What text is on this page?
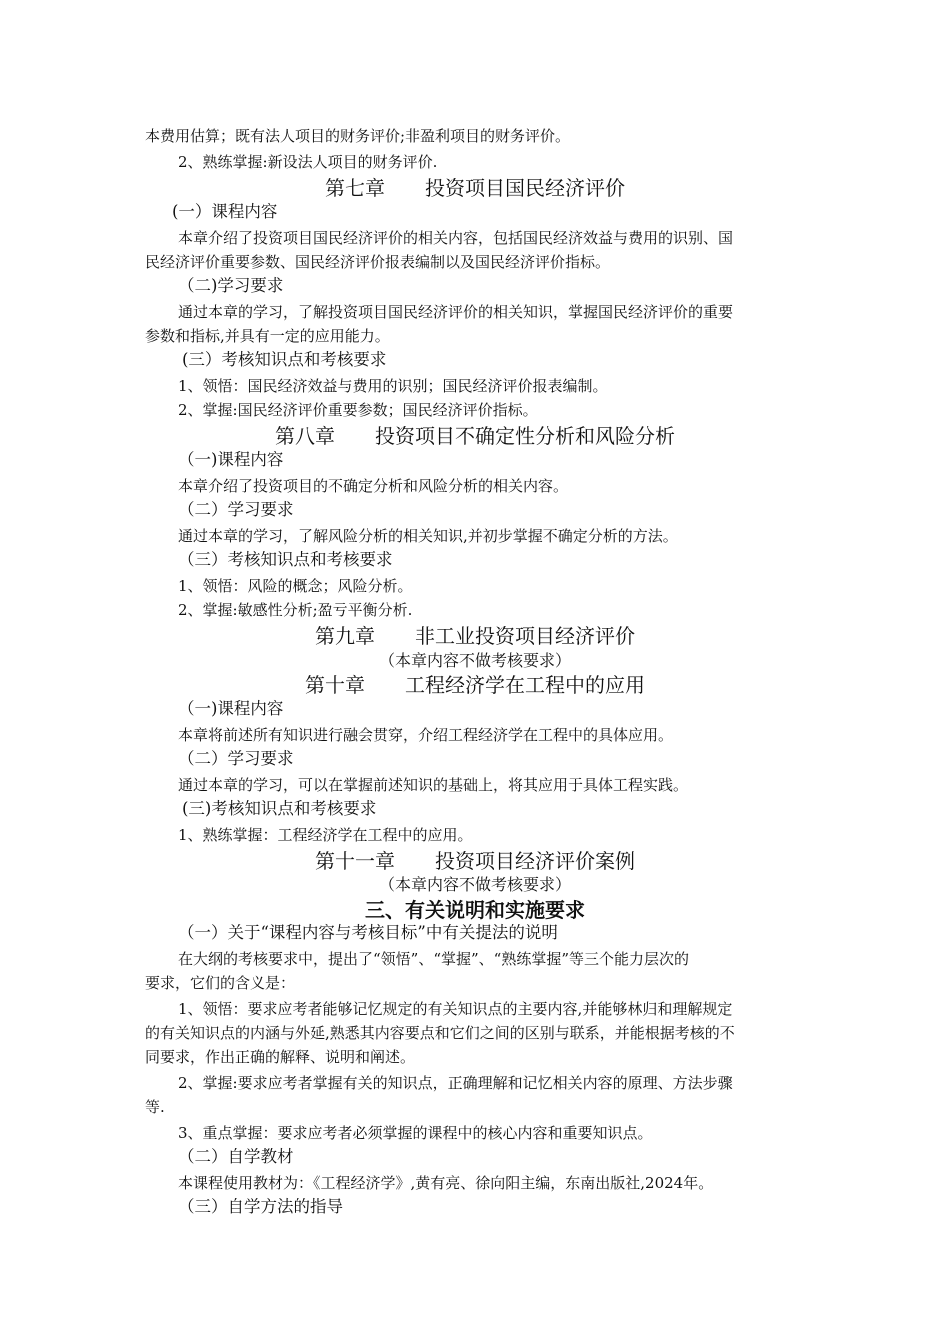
本费用估算；既有法人项目的财务评价;非盈利项目的财务评价。
2、熟练掌握:新设法人项目的财务评价.
第七章　　投资项目国民经济评价
(一）课程内容
本章介绍了投资项目国民经济评价的相关内容，包括国民经济效益与费用的识别、国
民经济评价重要参数、国民经济评价报表编制以及国民经济评价指标。
（二)学习要求
通过本章的学习，了解投资项目国民经济评价的相关知识，掌握国民经济评价的重要
参数和指标,并具有一定的应用能力。
(三）考核知识点和考核要求
1、领悟：国民经济效益与费用的识别；国民经济评价报表编制。
2、掌握:国民经济评价重要参数；国民经济评价指标。
第八章　　投资项目不确定性分析和风险分析
（一)课程内容
本章介绍了投资项目的不确定分析和风险分析的相关内容。
（二）学习要求
通过本章的学习，了解风险分析的相关知识,并初步掌握不确定分析的方法。
（三）考核知识点和考核要求
1、领悟：风险的概念；风险分析。
2、掌握:敏感性分析;盈亏平衡分析.
第九章　　非工业投资项目经济评价
（本章内容不做考核要求）
第十章　　工程经济学在工程中的应用
（一)课程内容
本章将前述所有知识进行融会贯穿，介绍工程经济学在工程中的具体应用。
（二）学习要求
通过本章的学习，可以在掌握前述知识的基础上，将其应用于具体工程实践。
(三)考核知识点和考核要求
1、熟练掌握：工程经济学在工程中的应用。
第十一章　　投资项目经济评价案例
（本章内容不做考核要求）
三、有关说明和实施要求
（一）关于“课程内容与考核目标”中有关提法的说明
在大纲的考核要求中，提出了“领悟”、“掌握”、“熟练掌握”等三个能力层次的
要求，它们的含义是：
1、领悟：要求应考者能够记忆规定的有关知识点的主要内容,并能够林归和理解规定
的有关知识点的内涵与外延,熟悉其内容要点和它们之间的区别与联系，并能根据考核的不
同要求，作出正确的解释、说明和阐述。
2、掌握:要求应考者掌握有关的知识点，正确理解和记忆相关内容的原理、方法步骤
等.
3、重点掌握：要求应考者必须掌握的课程中的核心内容和重要知识点。
（二）自学教材
本课程使用教材为：《工程经济学》,黄有亮、徐向阳主编，东南出版社,2024年。
（三）自学方法的指导
